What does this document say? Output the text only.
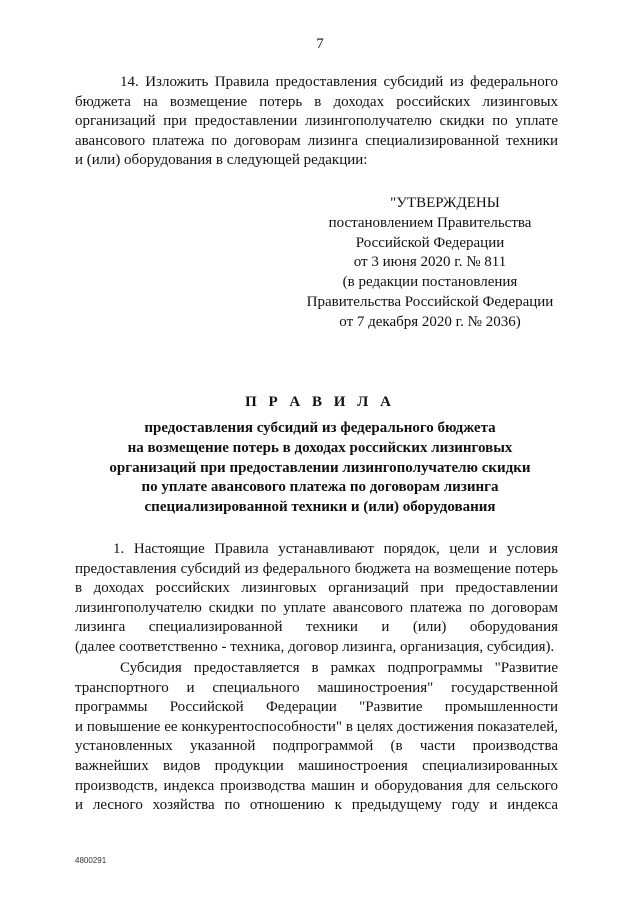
7
14. Изложить Правила предоставления субсидий из федерального
бюджета на возмещение потерь в доходах российских лизинговых
организаций при предоставлении лизингополучателю скидки по уплате
авансового платежа по договорам лизинга специализированной техники
и (или) оборудования в следующей редакции:
"УТВЕРЖДЕНЫ
постановлением Правительства
Российской Федерации
от 3 июня 2020 г. № 811
(в редакции постановления
Правительства Российской Федерации
от 7 декабря 2020 г. № 2036)
П Р А В И Л А
предоставления субсидий из федерального бюджета
на возмещение потерь в доходах российских лизинговых
организаций при предоставлении лизингополучателю скидки
по уплате авансового платежа по договорам лизинга
специализированной техники и (или) оборудования
1. Настоящие Правила устанавливают порядок, цели и условия
предоставления субсидий из федерального бюджета на возмещение потерь
в доходах российских лизинговых организаций при предоставлении
лизингополучателю скидки по уплате авансового платежа по договорам
лизинга специализированной техники и (или) оборудования
(далее соответственно - техника, договор лизинга, организация, субсидия).
Субсидия предоставляется в рамках подпрограммы "Развитие
транспортного и специального машиностроения" государственной
программы Российской Федерации "Развитие промышленности
и повышение ее конкурентоспособности" в целях достижения показателей,
установленных указанной подпрограммой (в части производства
важнейших видов продукции машиностроения специализированных
производств, индекса производства машин и оборудования для сельского
и лесного хозяйства по отношению к предыдущему году и индекса
4800291
